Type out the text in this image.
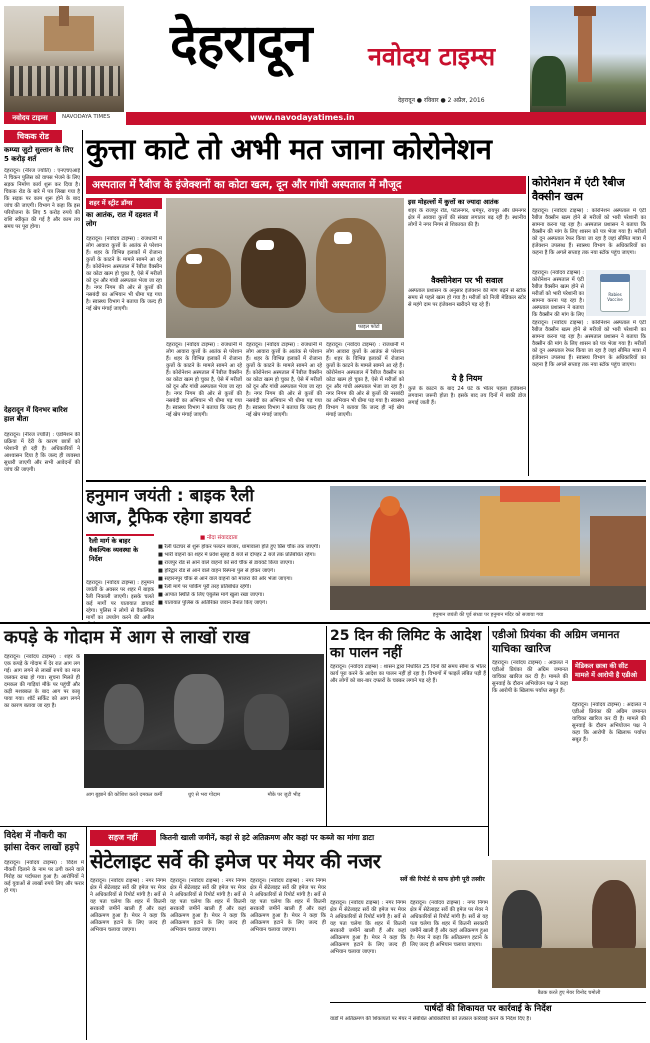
नवोदय टाइम्स	NAVODAYA TIMES
देहरादून नवोदय टाइम्स
देहरादून ● रविवार ● 2 अप्रैल, 2016
www.navodayatimes.in
चिकक रोड
कम्प्या जुटो सुल्तान के लिए 5 करोड़ शर्त
देहरादून। (नीरज ज्योति) : एनएचएआई ने चिकन पुलिस को वापस भेजने के लिए सड़क निर्माण कार्य शुरू कर दिया है। चिकक रोड के बारे में पत्र लिखा गया है कि सड़क पर काम शुरू होने के बाद जांच की जाएगी। विभाग ने कहा कि इस परियोजना के लिए 5 करोड़ रुपये की राशि स्वीकृत की गई है और काम तय समय पर पूरा होगा।
देहरादून में दिनभर बारिश हाल बीता
देहरादून। (नीरज ज्योति) : एडमिशन की प्रक्रिया में देरी के कारण छात्रों को परेशानी हो रही है। अधिकारियों ने आश्वासन दिया है कि जल्द ही व्यवस्था सुधारी जाएगी और सभी आवेदनों की जांच की जाएगी।
कुत्ता काटे तो अभी मत जाना कोरोनेशन
अस्पताल में रैबीज के इंजेक्शनों का कोटा खत्म, दून और गांधी अस्पताल में मौजूद
शहर में स्ट्रीट डॉग्स
का आतंक, रात में दहशत में लोग
देहरादून। (नवोदय टाइम्स) : राजधानी में लोग आवारा कुत्तों के आतंक से परेशान हैं। शहर के विभिन्न इलाकों में रोजाना कुत्तों के काटने के मामले सामने आ रहे हैं। कोरोनेशन अस्पताल में रैबीज वैक्सीन का कोटा खत्म हो चुका है, ऐसे में मरीजों को दून और गांधी अस्पताल भेजा जा रहा है। नगर निगम की ओर से कुत्तों की नसबंदी का अभियान भी धीमा पड़ गया है। स्वास्थ्य विभाग ने बताया कि जल्द ही नई खेप मंगाई जाएगी।
फाइल फोटो
देहरादून। (नवोदय टाइम्स) : राजधानी में लोग आवारा कुत्तों के आतंक से परेशान हैं। शहर के विभिन्न इलाकों में रोजाना कुत्तों के काटने के मामले सामने आ रहे हैं। कोरोनेशन अस्पताल में रैबीज वैक्सीन का कोटा खत्म हो चुका है, ऐसे में मरीजों को दून और गांधी अस्पताल भेजा जा रहा है। नगर निगम की ओर से कुत्तों की नसबंदी का अभियान भी धीमा पड़ गया है। स्वास्थ्य विभाग ने बताया कि जल्द ही नई खेप मंगाई जाएगी।
देहरादून। (नवोदय टाइम्स) : राजधानी में लोग आवारा कुत्तों के आतंक से परेशान हैं। शहर के विभिन्न इलाकों में रोजाना कुत्तों के काटने के मामले सामने आ रहे हैं। कोरोनेशन अस्पताल में रैबीज वैक्सीन का कोटा खत्म हो चुका है, ऐसे में मरीजों को दून और गांधी अस्पताल भेजा जा रहा है। नगर निगम की ओर से कुत्तों की नसबंदी का अभियान भी धीमा पड़ गया है। स्वास्थ्य विभाग ने बताया कि जल्द ही नई खेप मंगाई जाएगी।
देहरादून। (नवोदय टाइम्स) : राजधानी में लोग आवारा कुत्तों के आतंक से परेशान हैं। शहर के विभिन्न इलाकों में रोजाना कुत्तों के काटने के मामले सामने आ रहे हैं। कोरोनेशन अस्पताल में रैबीज वैक्सीन का कोटा खत्म हो चुका है, ऐसे में मरीजों को दून और गांधी अस्पताल भेजा जा रहा है। नगर निगम की ओर से कुत्तों की नसबंदी का अभियान भी धीमा पड़ गया है। स्वास्थ्य विभाग ने बताया कि जल्द ही नई खेप मंगाई जाएगी।
इस मोहल्लों में कुत्तों का ज्यादा आतंक
शहर के राजपुर रोड, पटेलनगर, धर्मपुर, रायपुर और प्रेमनगर क्षेत्र में आवारा कुत्तों की संख्या लगातार बढ़ रही है। स्थानीय लोगों ने नगर निगम से शिकायत की है।
वैक्सीनेशन पर भी सवाल
अस्पताल प्रशासन के अनुसार इंजेक्शन की मांग बढ़ने से स्टॉक समय से पहले खत्म हो गया है। मरीजों को निजी मेडिकल स्टोर से महंगे दाम पर इंजेक्शन खरीदने पड़ रहे हैं।
ये है नियम
कुत्ते के काटने के बाद 24 घंटे के भीतर पहला इंजेक्शन लगवाना जरूरी होता है। इसके बाद तय दिनों में बाकी डोज लगाई जाती हैं।
कोरोनेशन में एंटी रैबीज वैक्सीन खत्म
देहरादून। (नवोदय टाइम्स) : कोरोनेशन अस्पताल में एंटी रैबीज वैक्सीन खत्म होने से मरीजों को भारी परेशानी का सामना करना पड़ रहा है। अस्पताल प्रशासन ने बताया कि वैक्सीन की मांग के लिए शासन को पत्र भेजा गया है। मरीजों को दून अस्पताल रेफर किया जा रहा है जहां सीमित मात्रा में इंजेक्शन उपलब्ध हैं। स्वास्थ्य विभाग के अधिकारियों का कहना है कि अगले सप्ताह तक नया स्टॉक पहुंच जाएगा।
Rabies Vaccine
देहरादून। (नवोदय टाइम्स) : कोरोनेशन अस्पताल में एंटी रैबीज वैक्सीन खत्म होने से मरीजों को भारी परेशानी का सामना करना पड़ रहा है। अस्पताल प्रशासन ने बताया कि वैक्सीन की मांग के लिए
देहरादून। (नवोदय टाइम्स) : कोरोनेशन अस्पताल में एंटी रैबीज वैक्सीन खत्म होने से मरीजों को भारी परेशानी का सामना करना पड़ रहा है। अस्पताल प्रशासन ने बताया कि वैक्सीन की मांग के लिए शासन को पत्र भेजा गया है। मरीजों को दून अस्पताल रेफर किया जा रहा है जहां सीमित मात्रा में इंजेक्शन उपलब्ध हैं। स्वास्थ्य विभाग के अधिकारियों का कहना है कि अगले सप्ताह तक नया स्टॉक पहुंच जाएगा।
हनुमान जयंती : बाइक रैली
आज, ट्रैफिक रहेगा डायवर्ट
■ नोदा संवाददाता
रैली मार्ग के बाहर वैकल्पिक व्यवस्था के निर्देश
देहरादून। (नवोदय टाइम्स) : हनुमान जयंती के अवसर पर शहर में बाइक रैली निकाली जाएगी। इसके चलते कई मार्गों पर यातायात डायवर्ट रहेगा। पुलिस ने लोगों से वैकल्पिक मार्गों का उपयोग करने की अपील
■ रैली घंटाघर से शुरू होकर पलटन बाजार, धामावाला होते हुए प्रिंस चौक तक जाएगी।
■ भारी वाहनों का शहर में प्रवेश सुबह 8 बजे से दोपहर 2 बजे तक प्रतिबंधित रहेगा।
■ राजपुर रोड से आने वाले वाहनों को सर्वे चौक से डायवर्ट किया जाएगा।
■ हरिद्वार रोड से आने वाले वाहन रिस्पना पुल से होकर जाएंगे।
■ सहारनपुर चौक से आने वाले वाहनों को माजरा की ओर भेजा जाएगा।
■ रैली मार्ग पर पार्किंग पूरी तरह प्रतिबंधित रहेगी।
■ आपात स्थिति के लिए एंबुलेंस मार्ग खुला रखा जाएगा।
■ यातायात पुलिस के अतिरिक्त जवान तैनात किए जाएंगे।
हनुमान जयंती की पूर्व संध्या पर हनुमान मंदिर को सजाया गया
कपड़े के गोदाम में आग से लाखों राख
देहरादून। (नवोदय टाइम्स) : शहर के एक कपड़े के गोदाम में देर रात आग लग गई। आग लगने से लाखों रुपये का माल जलकर राख हो गया। सूचना मिलते ही दमकल की गाड़ियां मौके पर पहुंचीं और कड़ी मशक्कत के बाद आग पर काबू पाया गया। शॉर्ट सर्किट को आग लगने का कारण बताया जा रहा है।
आग बुझाने की कोशिश करते दमकल कर्मी	धुएं से भरा गोदाम	मौके पर जुटी भीड़
25 दिन की लिमिट के आदेश का पालन नहीं
देहरादून। (नवोदय टाइम्स) : शासन द्वारा निर्धारित 25 दिनों की समय सीमा के भीतर कार्य पूरा करने के आदेश का पालन नहीं हो रहा है। विभागों में फाइलें लंबित पड़ी हैं और लोगों को बार-बार दफ्तरों के चक्कर लगाने पड़ रहे हैं।
एडीओ प्रियंका की अग्रिम जमानत याचिका खारिज
मेडिकल छात्रा की सीट मामले में आरोपी है एडीओ
देहरादून। (नवोदय टाइम्स) : अदालत ने एडीओ प्रियंका की अग्रिम जमानत याचिका खारिज कर दी है। मामले की सुनवाई के दौरान अभियोजन पक्ष ने कहा कि आरोपी के खिलाफ पर्याप्त सबूत हैं।
देहरादून। (नवोदय टाइम्स) : अदालत ने एडीओ प्रियंका की अग्रिम जमानत याचिका खारिज कर दी है। मामले की सुनवाई के दौरान अभियोजन पक्ष ने कहा कि आरोपी के खिलाफ पर्याप्त सबूत हैं।
विदेश में नौकरी का झांसा देकर लाखों हड़पे
देहरादून। (नवोदय टाइम्स) : विदेश में नौकरी दिलाने के नाम पर ठगी करने वाले गिरोह का पर्दाफाश हुआ है। आरोपियों ने कई युवाओं से लाखों रुपये लिए और फरार हो गए।
सहज नहीं	कितनी खाली जमीनें, कहां से हटे अतिक्रमण और कहां पर कब्जे का मांगा डाटा
सेटेलाइट सर्वे की इमेज पर मेयर की नजर
सर्वे की रिपोर्ट से साफ होगी पूरी तस्वीर
देहरादून। (नवोदय टाइम्स) : नगर निगम क्षेत्र में सेटेलाइट सर्वे की इमेज पर मेयर ने अधिकारियों से रिपोर्ट मांगी है। सर्वे से यह पता चलेगा कि शहर में कितनी सरकारी जमीनें खाली हैं और कहां अतिक्रमण हुआ है। मेयर ने कहा कि अतिक्रमण हटाने के लिए जल्द ही अभियान चलाया जाएगा।
देहरादून। (नवोदय टाइम्स) : नगर निगम क्षेत्र में सेटेलाइट सर्वे की इमेज पर मेयर ने अधिकारियों से रिपोर्ट मांगी है। सर्वे से यह पता चलेगा कि शहर में कितनी सरकारी जमीनें खाली हैं और कहां अतिक्रमण हुआ है। मेयर ने कहा कि अतिक्रमण हटाने के लिए जल्द ही अभियान चलाया जाएगा।
देहरादून। (नवोदय टाइम्स) : नगर निगम क्षेत्र में सेटेलाइट सर्वे की इमेज पर मेयर ने अधिकारियों से रिपोर्ट मांगी है। सर्वे से यह पता चलेगा कि शहर में कितनी सरकारी जमीनें खाली हैं और कहां अतिक्रमण हुआ है। मेयर ने कहा कि अतिक्रमण हटाने के लिए जल्द ही अभियान चलाया जाएगा।
देहरादून। (नवोदय टाइम्स) : नगर निगम क्षेत्र में सेटेलाइट सर्वे की इमेज पर मेयर ने अधिकारियों से रिपोर्ट मांगी है। सर्वे से यह पता चलेगा कि शहर में कितनी सरकारी जमीनें खाली हैं और कहां अतिक्रमण हुआ है। मेयर ने कहा कि अतिक्रमण हटाने के लिए जल्द ही अभियान चलाया जाएगा।
देहरादून। (नवोदय टाइम्स) : नगर निगम क्षेत्र में सेटेलाइट सर्वे की इमेज पर मेयर ने अधिकारियों से रिपोर्ट मांगी है। सर्वे से यह पता चलेगा कि शहर में कितनी सरकारी जमीनें खाली हैं और कहां अतिक्रमण हुआ है। मेयर ने कहा कि अतिक्रमण हटाने के लिए जल्द ही अभियान चलाया जाएगा।
बैठक करते हुए मेयर विनोद चमोली
पार्षदों की शिकायत पर कार्रवाई के निर्देश
वार्डों में अतिक्रमण की शिकायतों पर मेयर ने संबंधित अधिकारियों को तत्काल कार्रवाई करने के निर्देश दिए हैं।
